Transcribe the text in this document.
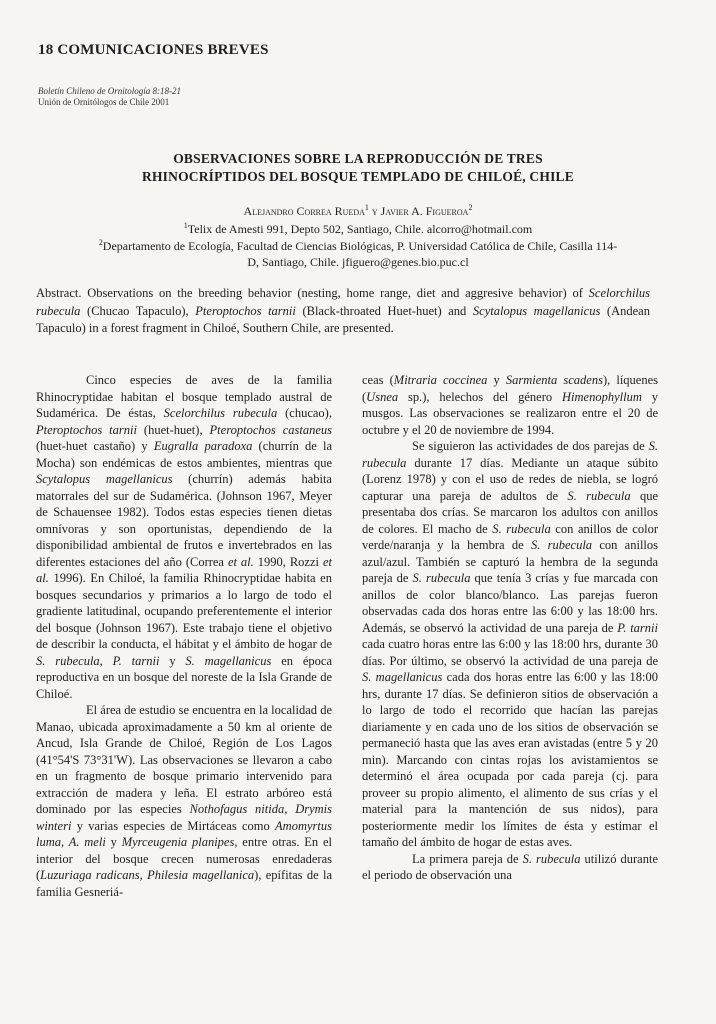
18 COMUNICACIONES BREVES
Boletín Chileno de Ornitología 8:18-21
Unión de Ornitólogos de Chile 2001
OBSERVACIONES SOBRE LA REPRODUCCIÓN DE TRES
RHINOCRÍPTIDOS DEL BOSQUE TEMPLADO DE CHILOÉ, CHILE
Alejandro Correa Rueda$^1$ y Javier A. Figueroa$^2$
$^1$Telix de Amesti 991, Depto 502, Santiago, Chile. alcorro@hotmail.com
$^2$Departamento de Ecología, Facultad de Ciencias Biológicas, P. Universidad Católica de Chile, Casilla 114-
D, Santiago, Chile. jfiguero@genes.bio.puc.cl
Abstract. Observations on the breeding behavior (nesting, home range, diet and aggresive behavior) of Scelorchilus rubecula (Chucao Tapaculo), Pteroptochos tarnii (Black-throated Huet-huet) and Scytalopus magellanicus (Andean Tapaculo) in a forest fragment in Chiloé, Southern Chile, are presented.

Cinco especies de aves de la familia Rhinocryptidae habitan el bosque templado austral de Sudamérica. De éstas, Scelorchilus rubecula (chucao), Pteroptochos tarnii (huet-huet), Pteroptochos castaneus (huet-huet castaño) y Eugralla paradoxa (churrín de la Mocha) son endémicas de estos ambientes, mientras que Scytalopus magellanicus (churrín) además habita matorrales del sur de Sudamérica. (Johnson 1967, Meyer de Schauensee 1982). Todos estas especies tienen dietas omnívoras y son oportunistas, dependiendo de la disponibilidad ambiental de frutos e invertebrados en las diferentes estaciones del año (Correa et al. 1990, Rozzi et al. 1996). En Chiloé, la familia Rhinocryptidae habita en bosques secundarios y primarios a lo largo de todo el gradiente latitudinal, ocupando preferentemente el interior del bosque (Johnson 1967). Este trabajo tiene el objetivo de describir la conducta, el hábitat y el ámbito de hogar de S. rubecula, P. tarnii y S. magellanicus en época reproductiva en un bosque del noreste de la Isla Grande de Chiloé.

El área de estudio se encuentra en la localidad de Manao, ubicada aproximadamente a 50 km al oriente de Ancud, Isla Grande de Chiloé, Región de Los Lagos (41°54'S 73°31'W). Las observaciones se llevaron a cabo en un fragmento de bosque primario intervenido para extracción de madera y leña. El estrato arbóreo está dominado por las especies Nothofagus nitida, Drymis winteri y varias especies de Mirtáceas como Amomyrtus luma, A. meli y Myrceugenia planipes, entre otras. En el interior del bosque crecen numerosas enredaderas (Luzuriaga radicans, Philesia magellanica), epífitas de la familia Gesneriá-

ceas (Mitraria coccinea y Sarmienta scadens), líquenes (Usnea sp.), helechos del género Himenophyllum y musgos. Las observaciones se realizaron entre el 20 de octubre y el 20 de noviembre de 1994.

Se siguieron las actividades de dos parejas de S. rubecula durante 17 días. Mediante un ataque súbito (Lorenz 1978) y con el uso de redes de niebla, se logró capturar una pareja de adultos de S. rubecula que presentaba dos crías. Se marcaron los adultos con anillos de colores. El macho de S. rubecula con anillos de color verde/naranja y la hembra de S. rubecula con anillos azul/azul. También se capturó la hembra de la segunda pareja de S. rubecula que tenía 3 crías y fue marcada con anillos de color blanco/blanco. Las parejas fueron observadas cada dos horas entre las 6:00 y las 18:00 hrs. Además, se observó la actividad de una pareja de P. tarnii cada cuatro horas entre las 6:00 y las 18:00 hrs, durante 30 días. Por último, se observó la actividad de una pareja de S. magellanicus cada dos horas entre las 6:00 y las 18:00 hrs, durante 17 días. Se definieron sitios de observación a lo largo de todo el recorrido que hacían las parejas diariamente y en cada uno de los sitios de observación se permaneció hasta que las aves eran avistadas (entre 5 y 20 min). Marcando con cintas rojas los avistamientos se determinó el área ocupada por cada pareja (cj. para proveer su propio alimento, el alimento de sus crías y el material para la mantención de sus nidos), para posteriormente medir los límites de ésta y estimar el tamaño del ámbito de hogar de estas aves.

La primera pareja de S. rubecula utilizó durante el periodo de observación una
